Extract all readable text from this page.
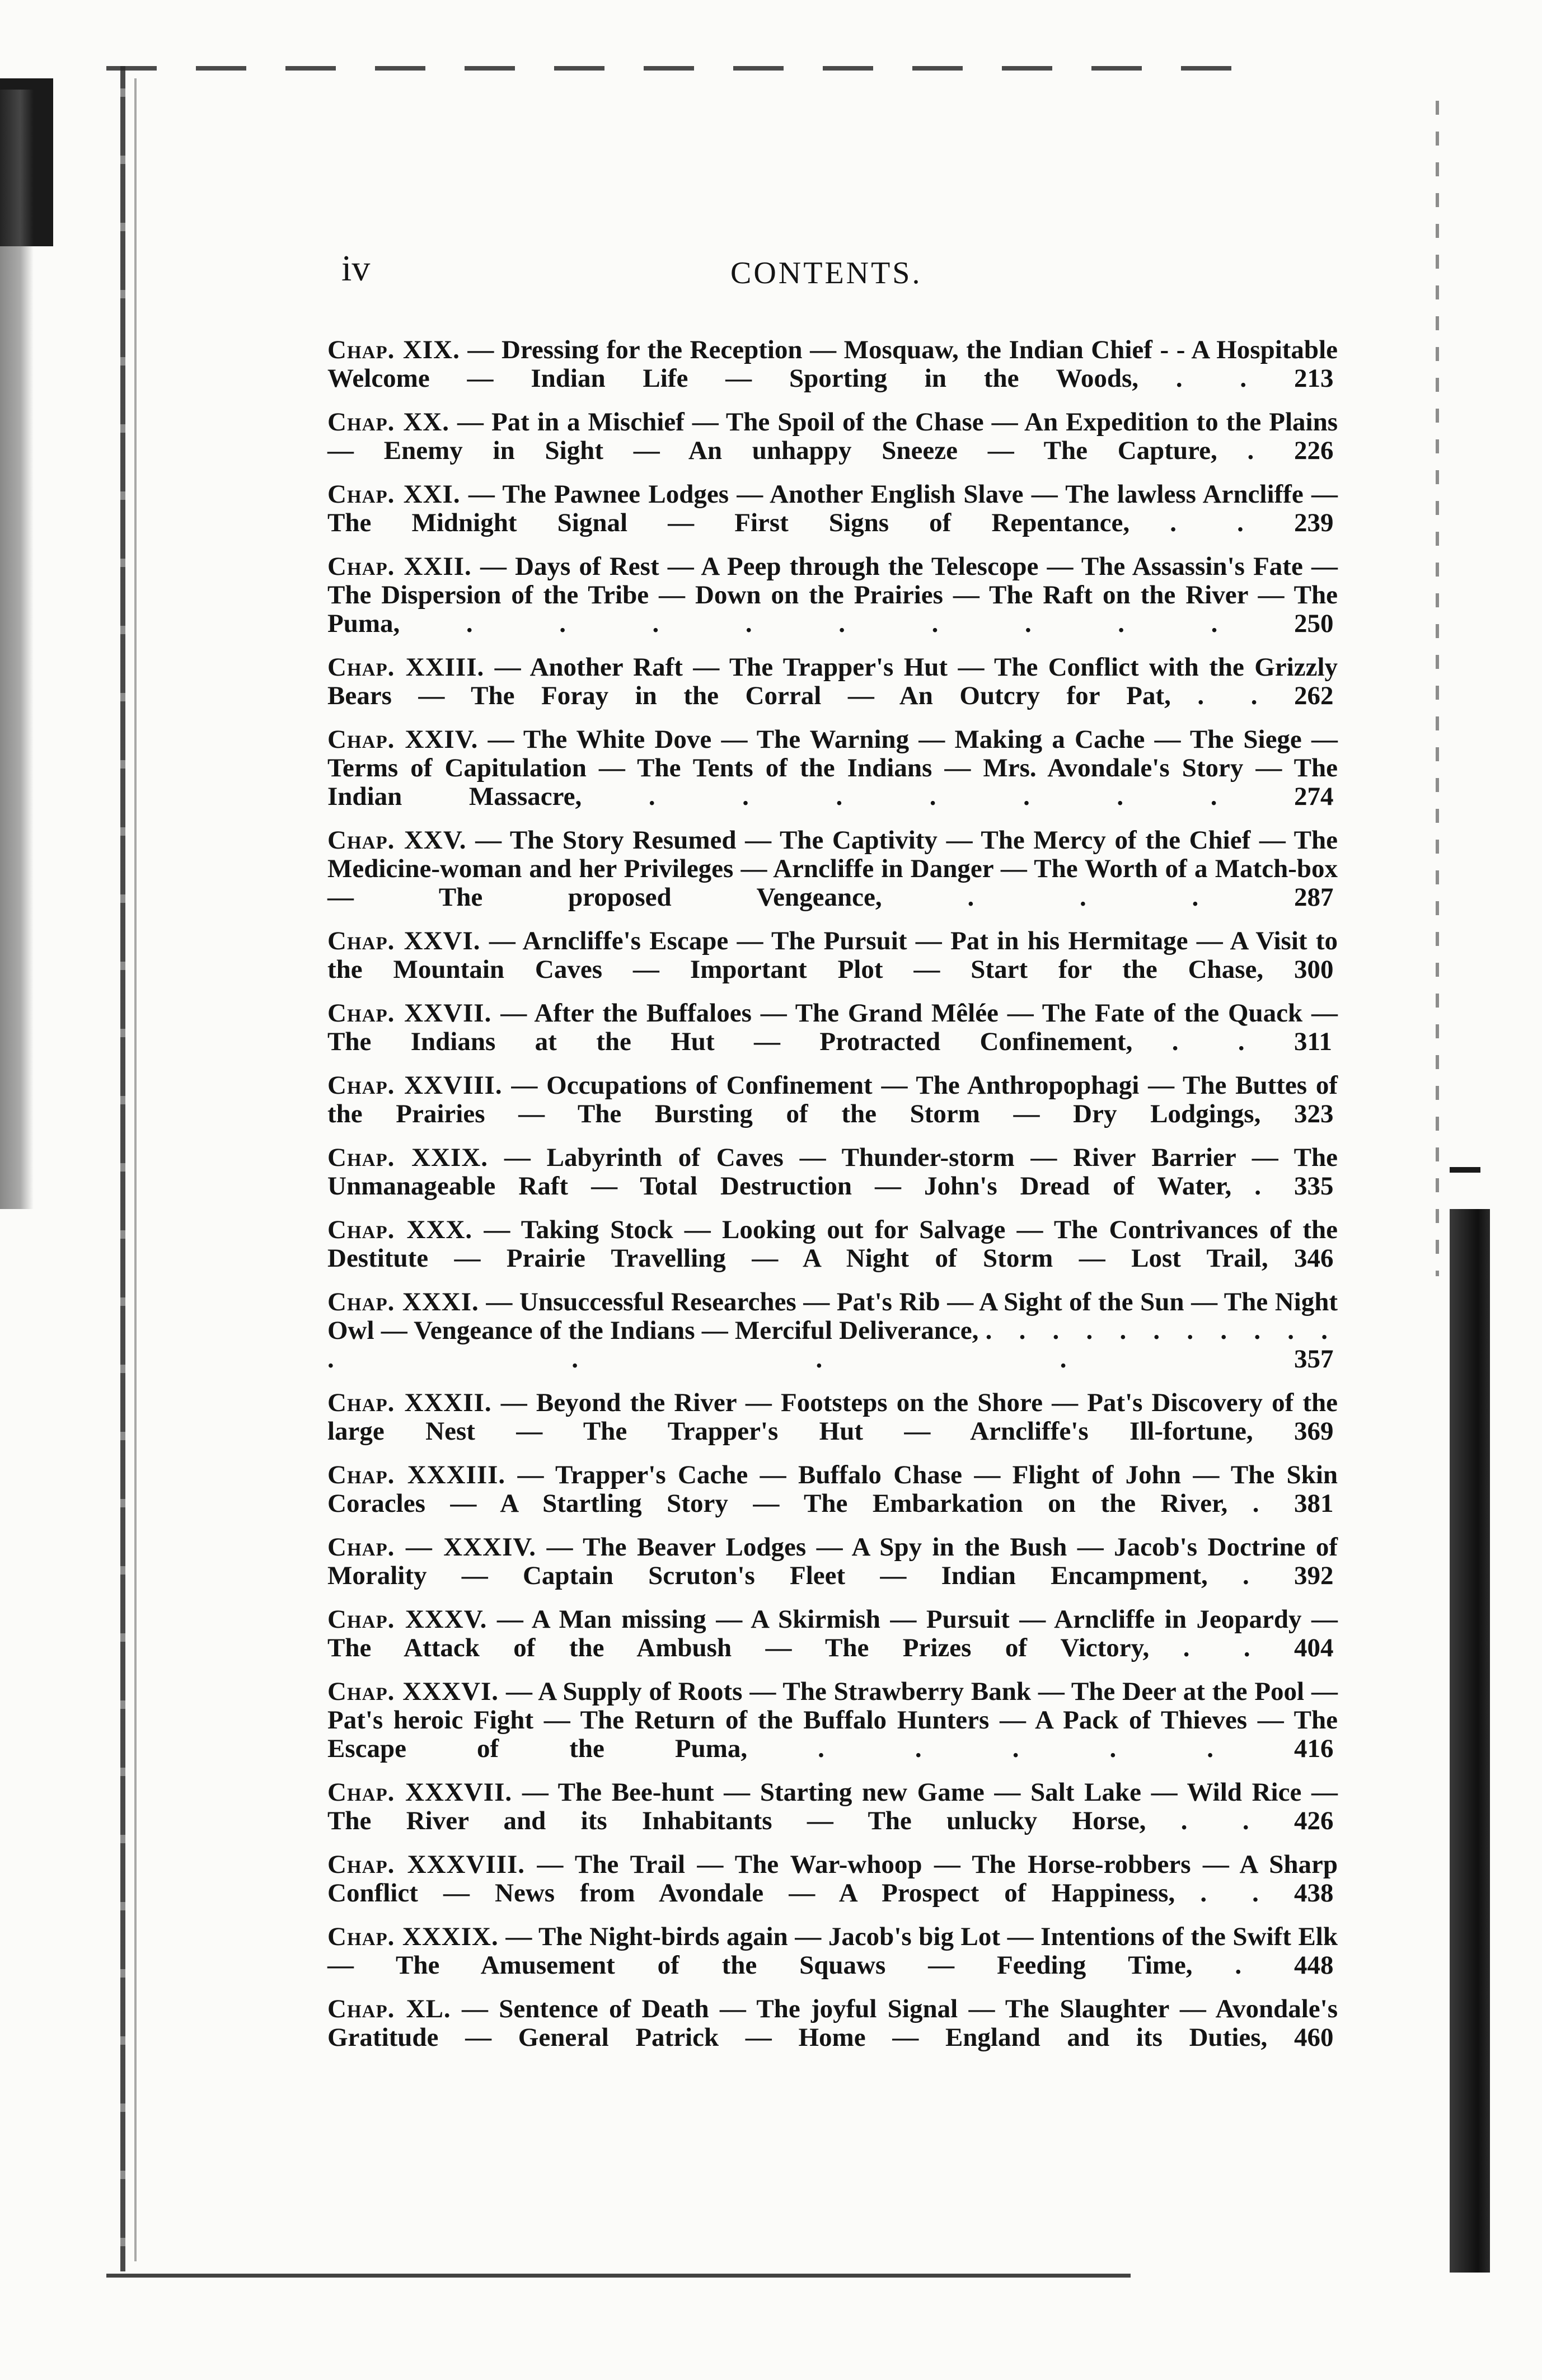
iv	CONTENTS.
Chap. XIX. — Dressing for the Reception — Mosquaw, the Indian Chief - - A Hospitable Welcome — Indian Life — Sporting in the Woods, . . 213
Chap. XX. — Pat in a Mischief — The Spoil of the Chase — An Expedition to the Plains — Enemy in Sight — An unhappy Sneeze — The Capture, . 226
Chap. XXI. — The Pawnee Lodges — Another English Slave — The lawless Arncliffe — The Midnight Signal — First Signs of Repentance, . . 239
Chap. XXII. — Days of Rest — A Peep through the Telescope — The Assassin's Fate — The Dispersion of the Tribe — Down on the Prairies — The Raft on the River — The Puma,	. . . . . . . . .	250
Chap. XXIII. — Another Raft — The Trapper's Hut — The Conflict with the Grizzly Bears — The Foray in the Corral — An Outcry for Pat, . . 262
Chap. XXIV. — The White Dove — The Warning — Making a Cache — The Siege — Terms of Capitulation — The Tents of the Indians — Mrs. Avondale's Story — The Indian Massacre,	. . . . . . .	274
Chap. XXV. — The Story Resumed — The Captivity — The Mercy of the Chief — The Medicine-woman and her Privileges — Arncliffe in Danger — The Worth of a Match-box — The proposed Vengeance,	. . .	287
Chap. XXVI. — Arncliffe's Escape — The Pursuit — Pat in his Hermitage — A Visit to the Mountain Caves — Important Plot — Start for the Chase, 300
Chap. XXVII. — After the Buffaloes — The Grand Mêlée — The Fate of the Quack — The Indians at the Hut — Protracted Confinement, . . 311
Chap. XXVIII. — Occupations of Confinement — The Anthropophagi — The Buttes of the Prairies — The Bursting of the Storm — Dry Lodgings, 323
Chap. XXIX. — Labyrinth of Caves — Thunder-storm — River Barrier — The Unmanageable Raft — Total Destruction — John's Dread of Water, . 335
Chap. XXX. — Taking Stock — Looking out for Salvage — The Contrivances of the Destitute — Prairie Travelling — A Night of Storm — Lost Trail, 346
Chap. XXXI. — Unsuccessful Researches — Pat's Rib — A Sight of the Sun — The Night Owl — Vengeance of the Indians — Merciful Deliverance, . . . . . . . . . . . . . . .	357
Chap. XXXII. — Beyond the River — Footsteps on the Shore — Pat's Discovery of the large Nest — The Trapper's Hut — Arncliffe's Ill-fortune, 369
Chap. XXXIII. — Trapper's Cache — Buffalo Chase — Flight of John — The Skin Coracles — A Startling Story — The Embarkation on the River, . 381
Chap. — XXXIV. — The Beaver Lodges — A Spy in the Bush — Jacob's Doctrine of Morality — Captain Scruton's Fleet — Indian Encampment, . 392
Chap. XXXV. — A Man missing — A Skirmish — Pursuit — Arncliffe in Jeopardy — The Attack of the Ambush — The Prizes of Victory, . . 404
Chap. XXXVI. — A Supply of Roots — The Strawberry Bank — The Deer at the Pool — Pat's heroic Fight — The Return of the Buffalo Hunters — A Pack of Thieves — The Escape of the Puma,	. . . . .	416
Chap. XXXVII. — The Bee-hunt — Starting new Game — Salt Lake — Wild Rice — The River and its Inhabitants — The unlucky Horse, . . 426
Chap. XXXVIII. — The Trail — The War-whoop — The Horse-robbers — A Sharp Conflict — News from Avondale — A Prospect of Happiness, . . 438
Chap. XXXIX. — The Night-birds again — Jacob's big Lot — Intentions of the Swift Elk — The Amusement of the Squaws — Feeding Time, . 448
Chap. XL. — Sentence of Death — The joyful Signal — The Slaughter — Avondale's Gratitude — General Patrick — Home — England and its Duties, 460
